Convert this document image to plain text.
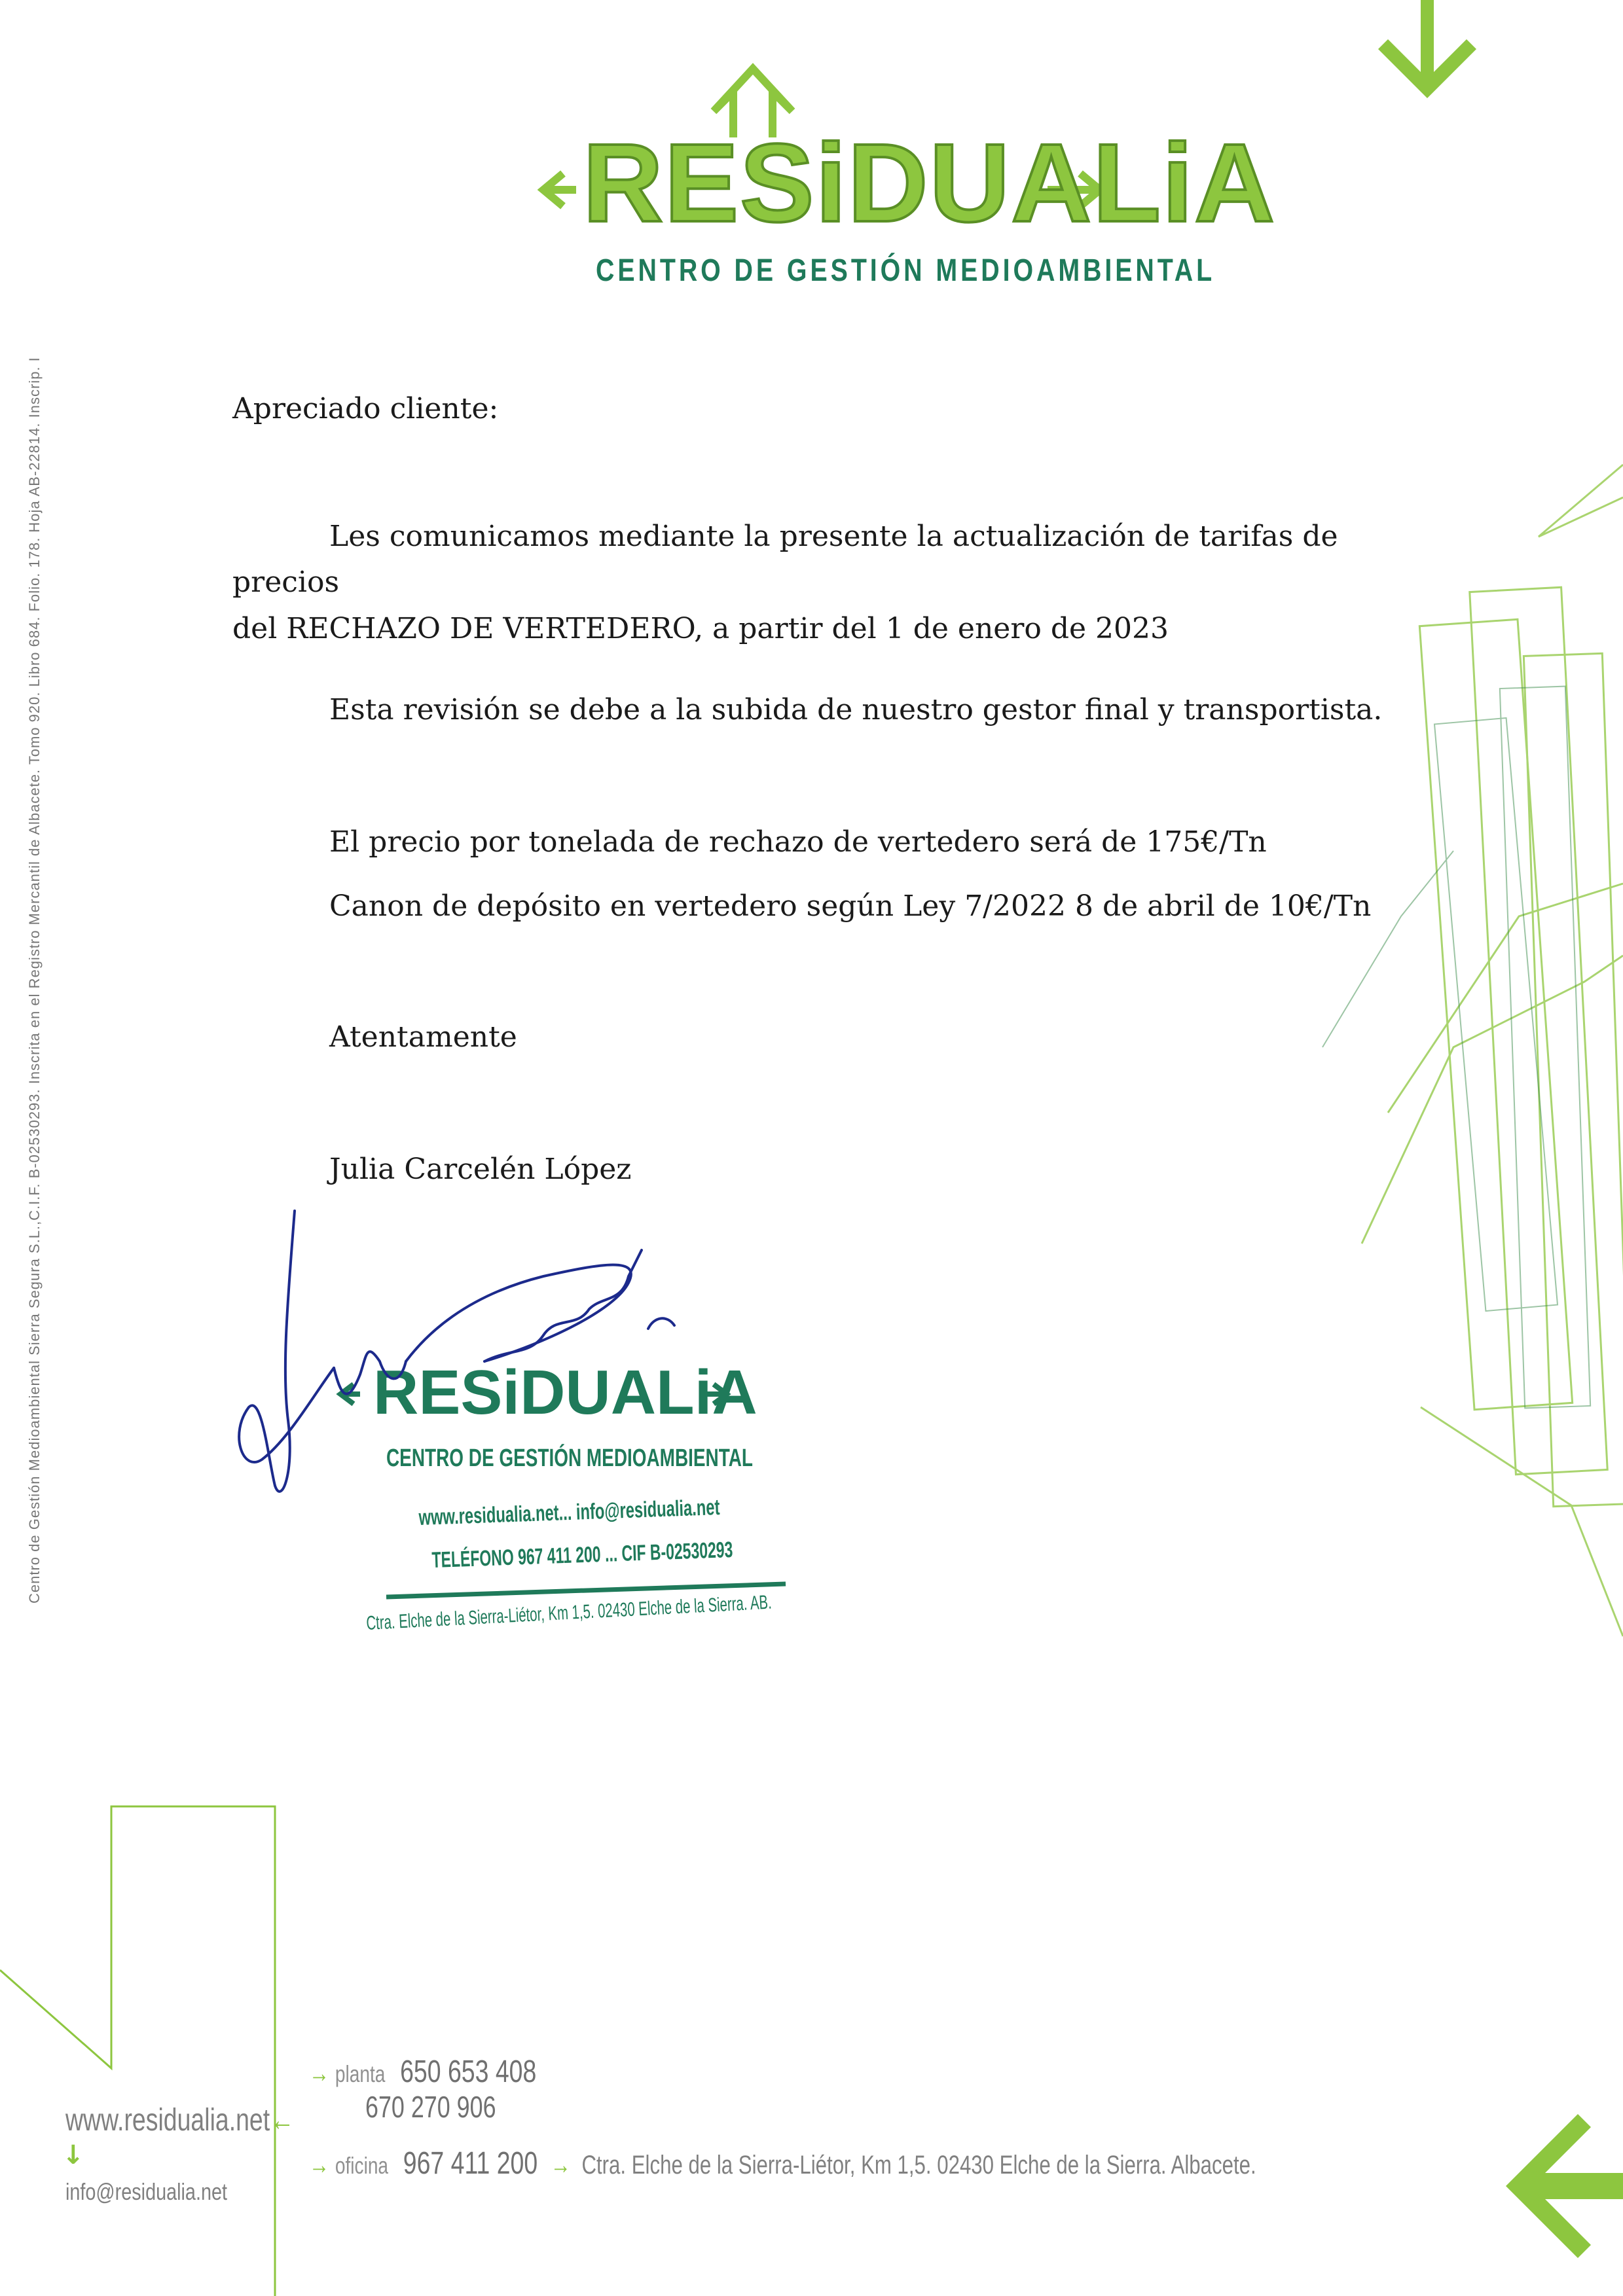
RESiDUALiA
CENTRO DE GESTIÓN MEDIOAMBIENTAL
Centro de Gestión Medioambiental Sierra Segura S.L.,C.I.F. B-02530293. Inscrita en el Registro Mercantil de Albacete. Tomo 920. Libro 684. Folio. 178. Hoja AB-22814. Inscrip. I	Apreciado cliente:
Les comunicamos mediante la presente la actualización de tarifas de precios
del RECHAZO DE VERTEDERO, a partir del 1 de enero de 2023
Esta revisión se debe a la subida de nuestro gestor final y transportista.
El precio por tonelada de rechazo de vertedero será de 175€/Tn
Canon de depósito en vertedero según Ley 7/2022 8 de abril de 10€/Tn
Atentamente
Julia Carcelén López
RESiDUALiA
CENTRO DE GESTIÓN MEDIOAMBIENTAL
www.residualia.net... info@residualia.net
TELÉFONO 967 411 200 ... CIF B-02530293
Ctra. Elche de la Sierra-Liétor, Km 1,5. 02430 Elche de la Sierra. AB.
www.residualia.net←
↓
info@residualia.net
→ planta 650 653 408
670 270 906
→ oficina 967 411 200 → Ctra. Elche de la Sierra-Liétor, Km 1,5. 02430 Elche de la Sierra. Albacete.
